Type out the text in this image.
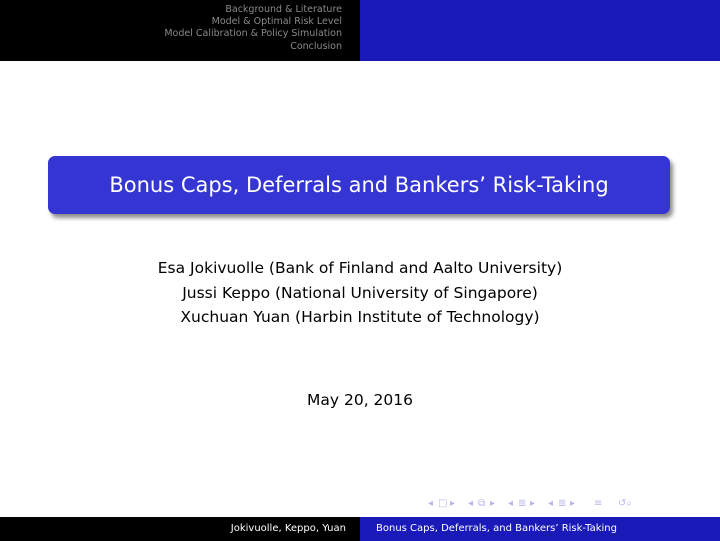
Background & Literature
Model & Optimal Risk Level
Model Calibration & Policy Simulation
Conclusion
Bonus Caps, Deferrals and Bankers’ Risk-Taking
Esa Jokivuolle (Bank of Finland and Aalto University)
Jussi Keppo (National University of Singapore)
Xuchuan Yuan (Harbin Institute of Technology)
May 20, 2016
◂ □ ▸ ◂ ⧉ ▸ ◂ ≣ ▸ ◂ ≣ ▸ ≡ ↺⌕
Jokivuolle, Keppo, Yuan	Bonus Caps, Deferrals, and Bankers’ Risk-Taking
